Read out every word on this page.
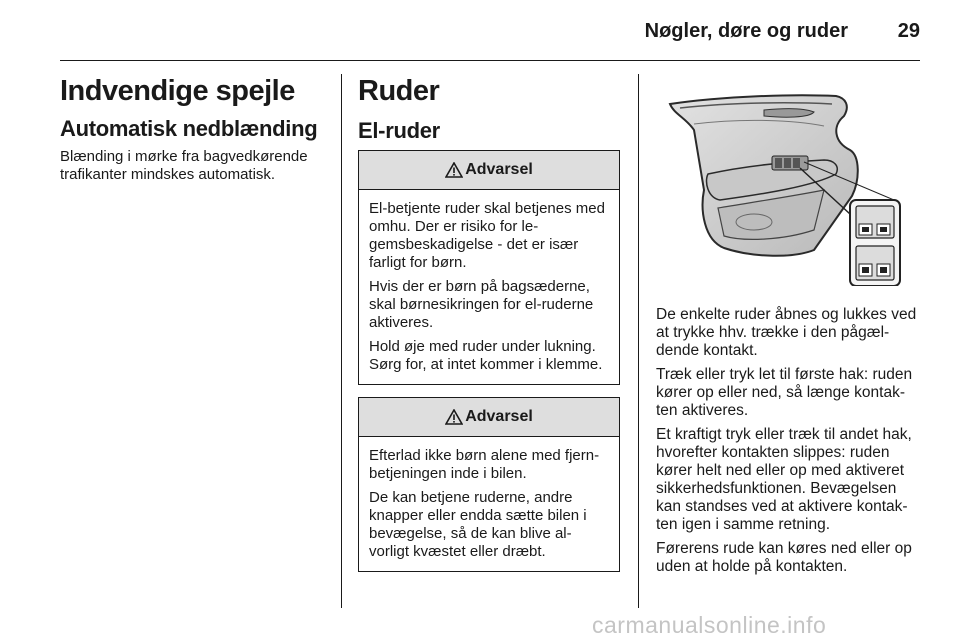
Nøgler, døre og ruder 29
Indvendige spejle
Automatisk nedblænding

Blænding i mørke fra bagvedkørende trafikanter mindskes automatisk.

Ruder
El-ruder
Advarsel

El-betjente ruder skal betjenes med omhu. Der er risiko for le-gemsbeskadigelse - det er især farligt for børn.

Hvis der er børn på bagsæderne, skal børnesikringen for el-ruderne aktiveres.

Hold øje med ruder under lukning. Sørg for, at intet kommer i klemme.

Advarsel

Efterlad ikke børn alene med fjern-betjeningen inde i bilen.

De kan betjene ruderne, andre knapper eller endda sætte bilen i bevægelse, så de kan blive al-vorligt kvæstet eller dræbt.

De enkelte ruder åbnes og lukkes ved at trykke hhv. trække i den pågæl-dende kontakt.

Træk eller tryk let til første hak: ruden kører op eller ned, så længe kontak-ten aktiveres.

Et kraftigt tryk eller træk til andet hak, hvorefter kontakten slippes: ruden kører helt ned eller op med aktiveret sikkerhedsfunktionen. Bevægelsen kan standses ved at aktivere kontak-ten igen i samme retning.

Førerens rude kan køres ned eller op uden at holde på kontakten.

carmanualsonline.info
